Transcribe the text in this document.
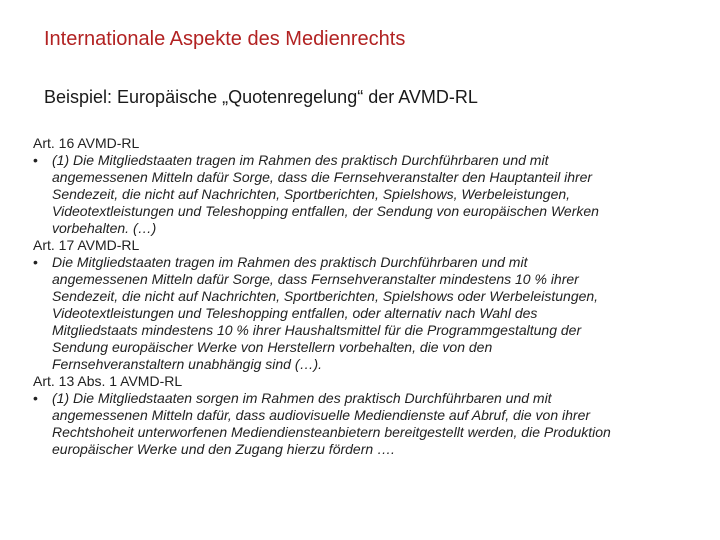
Internationale Aspekte des Medienrechts
Beispiel: Europäische „Quotenregelung“ der AVMD-RL

Art. 16 AVMD-RL

•	(1) Die Mitgliedstaaten tragen im Rahmen des praktisch Durchführbaren und mit angemessenen Mitteln dafür Sorge, dass die Fernsehveranstalter den Hauptanteil ihrer Sendezeit, die nicht auf Nachrichten, Sportberichten, Spielshows, Werbeleistungen, Videotextleistungen und Teleshopping entfallen, der Sendung von europäischen Werken vorbehalten. (…)

Art. 17 AVMD-RL

•	Die Mitgliedstaaten tragen im Rahmen des praktisch Durchführbaren und mit angemessenen Mitteln dafür Sorge, dass Fernsehveranstalter mindestens 10 % ihrer Sendezeit, die nicht auf Nachrichten, Sportberichten, Spielshows oder Werbeleistungen, Videotextleistungen und Teleshopping entfallen, oder alternativ nach Wahl des Mitgliedstaats mindestens 10 % ihrer Haushaltsmittel für die Programmgestaltung der Sendung europäischer Werke von Herstellern vorbehalten, die von den Fernsehveranstaltern unabhängig sind (…).

Art. 13 Abs. 1 AVMD-RL

•	(1) Die Mitgliedstaaten sorgen im Rahmen des praktisch Durchführbaren und mit angemessenen Mitteln dafür, dass audiovisuelle Mediendienste auf Abruf, die von ihrer Rechtshoheit unterworfenen Mediendiensteanbietern bereitgestellt werden, die Produktion europäischer Werke und den Zugang hierzu fördern ….
